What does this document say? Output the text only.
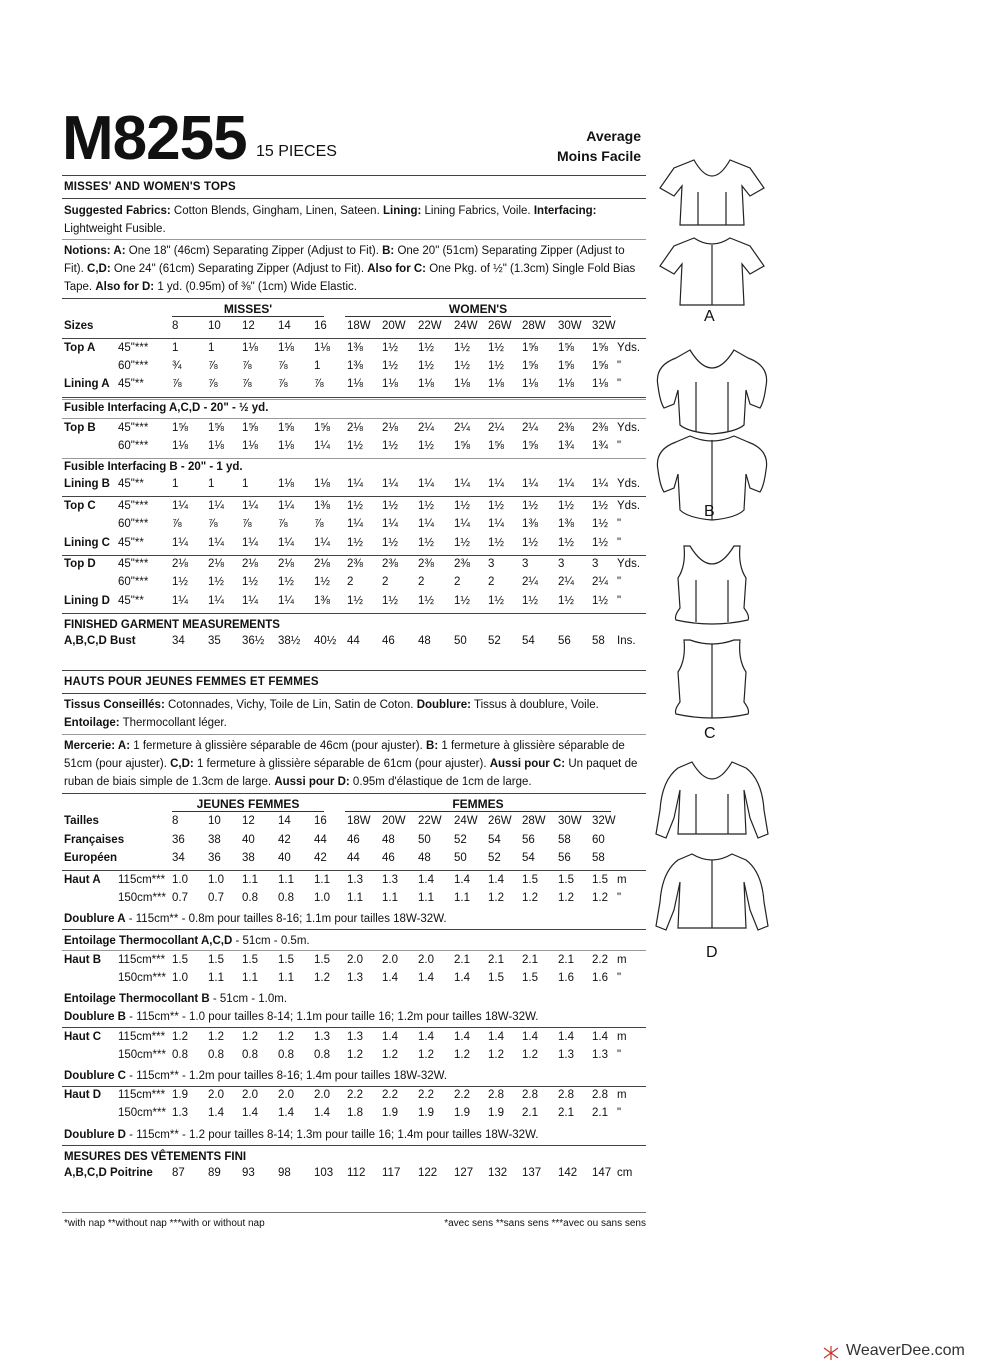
M8255 15 PIECES
Average
Moins Facile
MISSES' AND WOMEN'S TOPS
Suggested Fabrics: Cotton Blends, Gingham, Linen, Sateen. Lining: Lining Fabrics, Voile. Interfacing: Lightweight Fusible.
Notions: A: One 18" (46cm) Separating Zipper (Adjust to Fit). B: One 20" (51cm) Separating Zipper (Adjust to Fit). C,D: One 24" (61cm) Separating Zipper (Adjust to Fit). Also for C: One Pkg. of ½" (1.3cm) Single Fold Bias Tape. Also for D: 1 yd. (0.95m) of ⅜" (1cm) Wide Elastic.
MISSES'	WOMEN'S
Sizes	8	10 12 14 16 18W 20W 22W 24W 26W 28W 30W 32W
Top A 45"*** 1	1 1⅛ 1⅛ 1⅛ 1⅜ 1½ 1½ 1½ 1½ 1⅝ 1⅝ 1⅝ Yds.
60"*** ¾ ⅞ ⅞ ⅞ 1 1⅜ 1½ 1½ 1½ 1½ 1⅝ 1⅝ 1⅝ "
Lining A 45"** ⅞ ⅞ ⅞ ⅞ ⅞ 1⅛ 1⅛ 1⅛ 1⅛ 1⅛ 1⅛ 1⅛ 1⅛ "
Top B 45"*** 1⅝ 1⅝ 1⅝ 1⅝ 1⅝ 2⅛ 2⅛ 2¼ 2¼ 2¼ 2¼ 2⅜ 2⅜ Yds.
60"*** 1⅛ 1⅛ 1⅛ 1⅛ 1¼ 1½ 1½ 1½ 1⅝ 1⅝ 1⅝ 1¾ 1¾ "
Lining B 45"** 1	1 1	1⅛ 1⅛ 1¼ 1¼ 1¼ 1¼ 1¼ 1¼ 1¼ 1¼ Yds.
Top C 45"*** 1¼ 1¼ 1¼ 1¼ 1⅜ 1½ 1½ 1½ 1½ 1½ 1½ 1½ 1½ Yds.
60"*** ⅞ ⅞ ⅞ ⅞ ⅞ 1¼ 1¼ 1¼ 1¼ 1¼ 1⅜ 1⅜ 1½ "
Lining C 45"** 1¼ 1¼ 1¼ 1¼ 1¼ 1½ 1½ 1½ 1½ 1½ 1½ 1½ 1½ "
Top D 45"*** 2⅛ 2⅛ 2⅛ 2⅛ 2⅛ 2⅜ 2⅜ 2⅜ 2⅜ 3 3	3 3 Yds.
60"*** 1½ 1½ 1½ 1½ 1½ 2 2	2	2 2 2¼ 2¼ 2¼ "
Lining D 45"** 1¼ 1¼ 1¼ 1¼ 1⅜ 1½ 1½ 1½ 1½ 1½ 1½ 1½ 1½ "
Fusible Interfacing A,C,D - 20" - ½ yd.
Fusible Interfacing B - 20" - 1 yd.
FINISHED GARMENT MEASUREMENTS
A,B,C,D Bust	34 35 36½ 38½ 40½ 44 46 48 50 52 54 56 58 Ins.
HAUTS POUR JEUNES FEMMES ET FEMMES
Tissus Conseillés: Cotonnades, Vichy, Toile de Lin, Satin de Coton. Doublure: Tissus à doublure, Voile.
Entoilage: Thermocollant léger.
Mercerie: A: 1 fermeture à glissière séparable de 46cm (pour ajuster). B: 1 fermeture à glissière séparable de 51cm (pour ajuster). C,D: 1 fermeture à glissière séparable de 61cm (pour ajuster). Aussi pour C: Un paquet de ruban de biais simple de 1.3cm de large. Aussi pour D: 0.95m d'élastique de 1cm de large.
JEUNES FEMMES	FEMMES
Tailles	8	10 12 14 16 18W 20W 22W 24W 26W 28W 30W 32W
Françaises	36 38 40 42 44 46 48 50 52 54 56 58 60
Européen	34 36 38 40 42 44 46 48 50 52 54 56 58
Haut A 115cm*** 1.0 1.0 1.1 1.1 1.1 1.3 1.3 1.4 1.4 1.4 1.5 1.5 1.5 m
150cm*** 0.7 0.7 0.8 0.8 1.0 1.1 1.1 1.1 1.1 1.2 1.2 1.2 1.2 "
Haut B 115cm*** 1.5 1.5 1.5 1.5 1.5 2.0 2.0 2.0 2.1 2.1 2.1 2.1 2.2 m
150cm*** 1.0 1.1 1.1 1.1 1.2 1.3 1.4 1.4 1.4 1.5 1.5 1.6 1.6 "
Haut C 115cm*** 1.2 1.2 1.2 1.2 1.3 1.3 1.4 1.4 1.4 1.4 1.4 1.4 1.4 m
150cm*** 0.8 0.8 0.8 0.8 0.8 1.2 1.2 1.2 1.2 1.2 1.2 1.3 1.3 "
Haut D 115cm*** 1.9 2.0 2.0 2.0 2.0 2.2 2.2 2.2 2.2 2.8 2.8 2.8 2.8 m
150cm*** 1.3 1.4 1.4 1.4 1.4 1.8 1.9 1.9 1.9 1.9 2.1 2.1 2.1 "
Doublure A - 115cm** - 0.8m pour tailles 8-16; 1.1m pour tailles 18W-32W.
Entoilage Thermocollant A,C,D - 51cm - 0.5m.
Entoilage Thermocollant B - 51cm - 1.0m.
Doublure B - 115cm** - 1.0 pour tailles 8-14; 1.1m pour taille 16; 1.2m pour tailles 18W-32W.
Doublure C - 115cm** - 1.2m pour tailles 8-16; 1.4m pour tailles 18W-32W.
Doublure D - 115cm** - 1.2 pour tailles 8-14; 1.3m pour taille 16; 1.4m pour tailles 18W-32W.
MESURES DES VÊTEMENTS FINI
A,B,C,D Poitrine 87 89 93 98 103 112 117 122 127 132 137 142 147 cm
*with nap **without nap ***with or without nap	*avec sens **sans sens ***avec ou sans sens
A
B
C
D
WeaverDee.com
